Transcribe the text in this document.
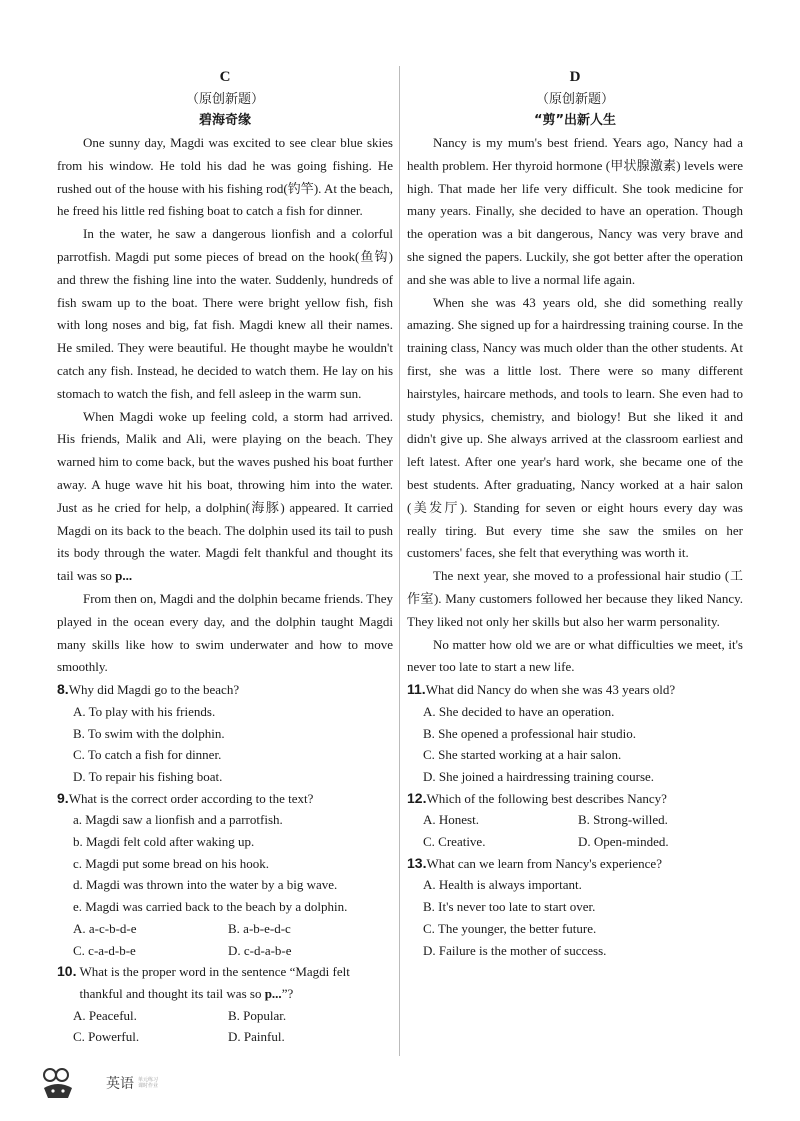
C
（原创新题）
碧海奇缘

One sunny day, Magdi was excited to see clear blue skies from his window. He told his dad he was going fishing. He rushed out of the house with his fishing rod(钓竿). At the beach, he freed his little red fishing boat to catch a fish for dinner.

In the water, he saw a dangerous lionfish and a colorful parrotfish. Magdi put some pieces of bread on the hook(鱼钩) and threw the fishing line into the water. Suddenly, hundreds of fish swam up to the boat. There were bright yellow fish, fish with long noses and big, fat fish. Magdi knew all their names. He smiled. They were beautiful. He thought maybe he wouldn't catch any fish. Instead, he decided to watch them. He lay on his stomach to watch the fish, and fell asleep in the warm sun.

When Magdi woke up feeling cold, a storm had arrived. His friends, Malik and Ali, were playing on the beach. They warned him to come back, but the waves pushed his boat further away. A huge wave hit his boat, throwing him into the water. Just as he cried for help, a dolphin(海豚) appeared. It carried Magdi on its back to the beach. The dolphin used its tail to push its body through the water. Magdi felt thankful and thought its tail was so p...

From then on, Magdi and the dolphin became friends. They played in the ocean every day, and the dolphin taught Magdi many skills like how to swim underwater and how to move smoothly.

8. Why did Magdi go to the beach?
A. To play with his friends.
B. To swim with the dolphin.
C. To catch a fish for dinner.
D. To repair his fishing boat.
9. What is the correct order according to the text?
a. Magdi saw a lionfish and a parrotfish.
b. Magdi felt cold after waking up.
c. Magdi put some bread on his hook.
d. Magdi was thrown into the water by a big wave.
e. Magdi was carried back to the beach by a dolphin.
A. a-c-b-d-e	B. a-b-e-d-c
C. c-a-d-b-e	D. c-d-a-b-e
10. What is the proper word in the sentence “Magdi felt thankful and thought its tail was so p...”?
A. Peaceful.	B. Popular.
C. Powerful.	D. Painful.
D
（原创新题）
“剪”出新人生

Nancy is my mum's best friend. Years ago, Nancy had a health problem. Her thyroid hormone (甲状腺激素) levels were high. That made her life very difficult. She took medicine for many years. Finally, she decided to have an operation. Though the operation was a bit dangerous, Nancy was very brave and she signed the papers. Luckily, she got better after the operation and she was able to live a normal life again.

When she was 43 years old, she did something really amazing. She signed up for a hairdressing training course. In the training class, Nancy was much older than the other students. At first, she was a little lost. There were so many different hairstyles, haircare methods, and tools to learn. She even had to study physics, chemistry, and biology! But she liked it and didn't give up. She always arrived at the classroom earliest and left latest. After one year's hard work, she became one of the best students. After graduating, Nancy worked at a hair salon (美发厅). Standing for seven or eight hours every day was really tiring. But every time she saw the smiles on her customers' faces, she felt that everything was worth it.

The next year, she moved to a professional hair studio (工作室). Many customers followed her because they liked Nancy. They liked not only her skills but also her warm personality.

No matter how old we are or what difficulties we meet, it's never too late to start a new life.

11. What did Nancy do when she was 43 years old?
A. She decided to have an operation.
B. She opened a professional hair studio.
C. She started working at a hair salon.
D. She joined a hairdressing training course.
12. Which of the following best describes Nancy?
A. Honest.	B. Strong-willed.
C. Creative.	D. Open-minded.
13. What can we learn from Nancy's experience?
A. Health is always important.
B. It's never too late to start over.
C. The younger, the better future.
D. Failure is the mother of success.
英语 单元练习
课时作业
